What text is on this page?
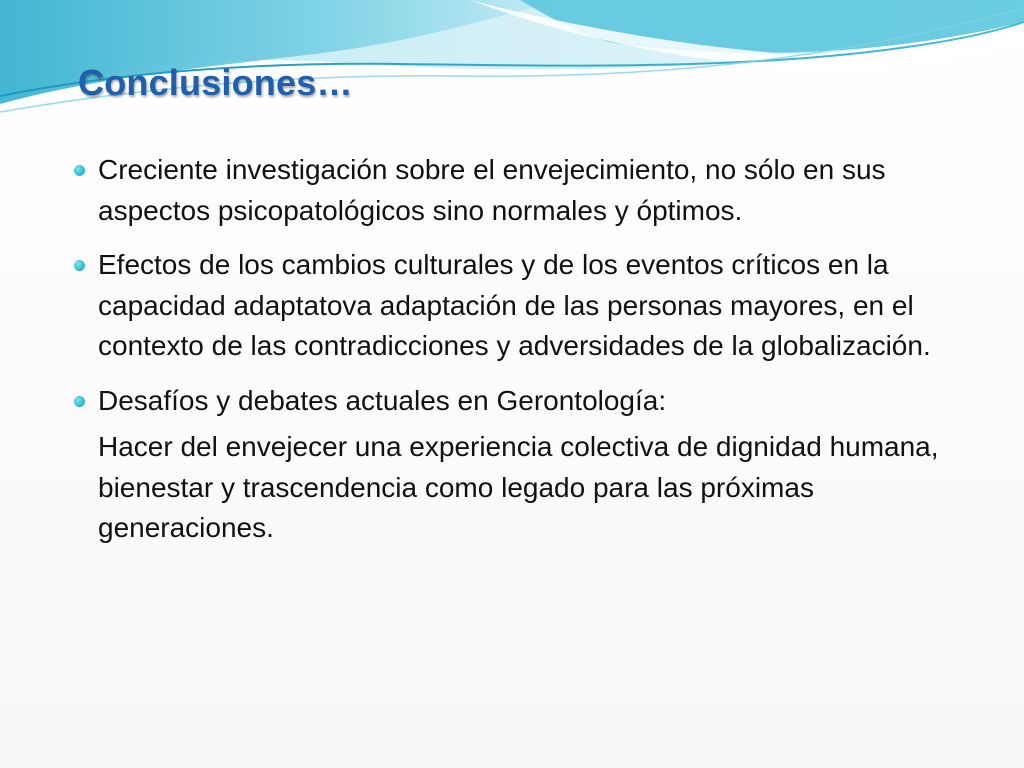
Conclusiones…
Creciente investigación sobre el envejecimiento, no sólo en sus aspectos psicopatológicos sino normales y óptimos.
Efectos de los cambios culturales y de los eventos críticos en la capacidad adaptatova adaptación de las personas mayores, en el contexto de las contradicciones y adversidades de la globalización.
Desafíos y debates actuales en Gerontología:
Hacer del envejecer una experiencia colectiva de dignidad humana, bienestar y trascendencia como legado para las próximas generaciones.
